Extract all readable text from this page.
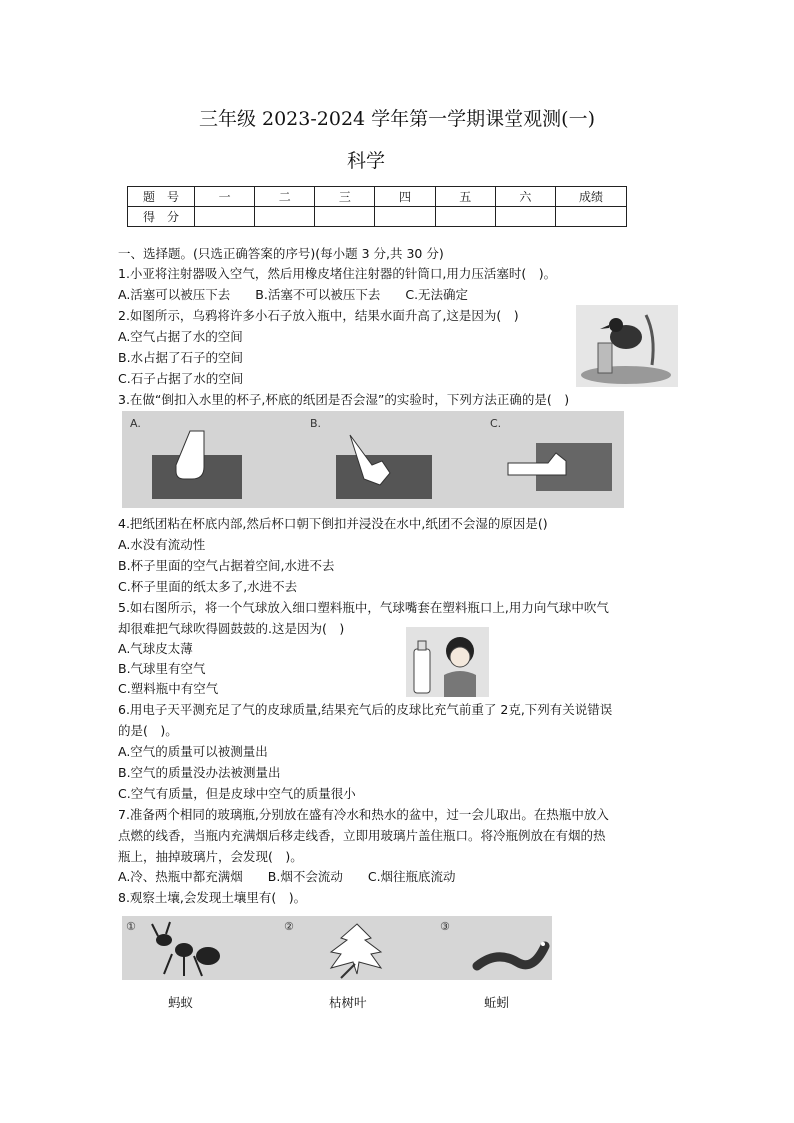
三年级 2023-2024 学年第一学期课堂观测(一)
科学
题　号	一	二	三	四	五	六	成绩
得　分							
一、选择题。(只选正确答案的序号)(每小题 3 分,共 30 分)
1.小亚将注射器吸入空气，然后用橡皮堵住注射器的针筒口,用力压活塞时(　)。
A.活塞可以被压下去　　B.活塞不可以被压下去　　C.无法确定
2.如图所示，乌鸦将许多小石子放入瓶中，结果水面升高了,这是因为(　)
A.空气占据了水的空间
B.水占据了石子的空间
C.石子占据了水的空间
3.在做“倒扣入水里的杯子,杯底的纸团是否会湿”的实验时，下列方法正确的是(　)
A.	B.	C.
4.把纸团粘在杯底内部,然后杯口朝下倒扣并浸没在水中,纸团不会湿的原因是()
A.水没有流动性
B.杯子里面的空气占据着空间,水进不去
C.杯子里面的纸太多了,水进不去
5.如右图所示，将一个气球放入细口塑料瓶中，气球嘴套在塑料瓶口上,用力向气球中吹气
却很难把气球吹得圆鼓鼓的.这是因为(　)
A.气球皮太薄
B.气球里有空气
C.塑料瓶中有空气
6.用电子天平测充足了气的皮球质量,结果充气后的皮球比充气前重了 2克,下列有关说错误
的是(　)。
A.空气的质量可以被测量出
B.空气的质量没办法被测量出
C.空气有质量，但是皮球中空气的质量很小
7.准备两个相同的玻璃瓶,分别放在盛有冷水和热水的盆中，过一会儿取出。在热瓶中放入
点燃的线香，当瓶内充满烟后移走线香，立即用玻璃片盖住瓶口。将冷瓶例放在有烟的热
瓶上，抽掉玻璃片，会发现(　)。
A.冷、热瓶中都充满烟　　B.烟不会流动　　C.烟往瓶底流动
8.观察土壤,会发现土壤里有(　)。
①	②	③
蚂蚁	枯树叶	蚯蚓
